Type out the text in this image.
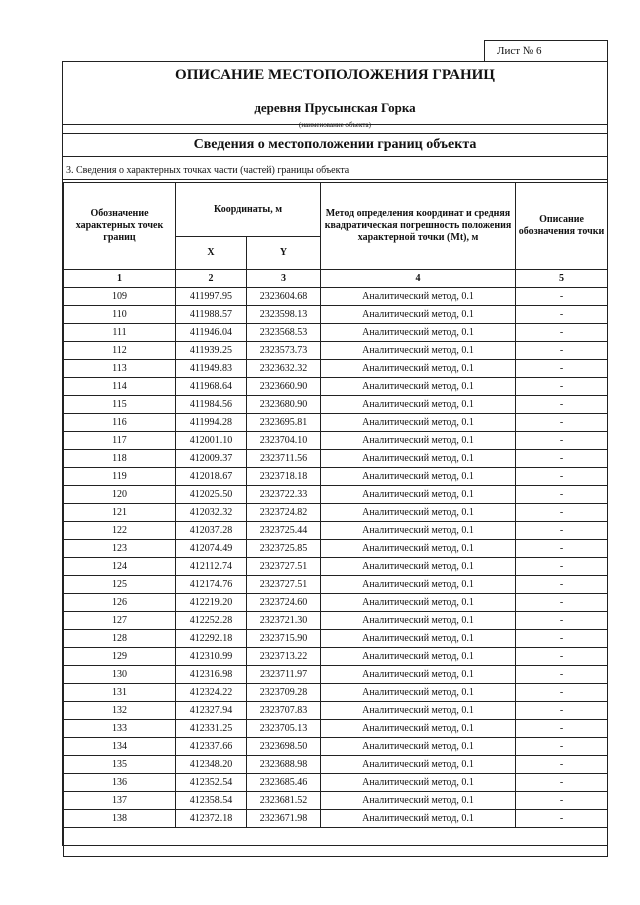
Лист № 6
ОПИСАНИЕ МЕСТОПОЛОЖЕНИЯ ГРАНИЦ
деревня Прусынская Горка
(наименование объекта)
Сведения о местоположении границ объекта
3. Сведения о характерных точках части (частей) границы объекта
Обозначение характерных точек границ	Координаты, м		Метод определения координат и средняя квадратическая погрешность положения характерной точки (Mt), м	Описание обозначения точки
	X	Y		
1	2	3	4	5
109	411997.95	2323604.68	Аналитический метод, 0.1	-
110	411988.57	2323598.13	Аналитический метод, 0.1	-
111	411946.04	2323568.53	Аналитический метод, 0.1	-
112	411939.25	2323573.73	Аналитический метод, 0.1	-
113	411949.83	2323632.32	Аналитический метод, 0.1	-
114	411968.64	2323660.90	Аналитический метод, 0.1	-
115	411984.56	2323680.90	Аналитический метод, 0.1	-
116	411994.28	2323695.81	Аналитический метод, 0.1	-
117	412001.10	2323704.10	Аналитический метод, 0.1	-
118	412009.37	2323711.56	Аналитический метод, 0.1	-
119	412018.67	2323718.18	Аналитический метод, 0.1	-
120	412025.50	2323722.33	Аналитический метод, 0.1	-
121	412032.32	2323724.82	Аналитический метод, 0.1	-
122	412037.28	2323725.44	Аналитический метод, 0.1	-
123	412074.49	2323725.85	Аналитический метод, 0.1	-
124	412112.74	2323727.51	Аналитический метод, 0.1	-
125	412174.76	2323727.51	Аналитический метод, 0.1	-
126	412219.20	2323724.60	Аналитический метод, 0.1	-
127	412252.28	2323721.30	Аналитический метод, 0.1	-
128	412292.18	2323715.90	Аналитический метод, 0.1	-
129	412310.99	2323713.22	Аналитический метод, 0.1	-
130	412316.98	2323711.97	Аналитический метод, 0.1	-
131	412324.22	2323709.28	Аналитический метод, 0.1	-
132	412327.94	2323707.83	Аналитический метод, 0.1	-
133	412331.25	2323705.13	Аналитический метод, 0.1	-
134	412337.66	2323698.50	Аналитический метод, 0.1	-
135	412348.20	2323688.98	Аналитический метод, 0.1	-
136	412352.54	2323685.46	Аналитический метод, 0.1	-
137	412358.54	2323681.52	Аналитический метод, 0.1	-
138	412372.18	2323671.98	Аналитический метод, 0.1	-
